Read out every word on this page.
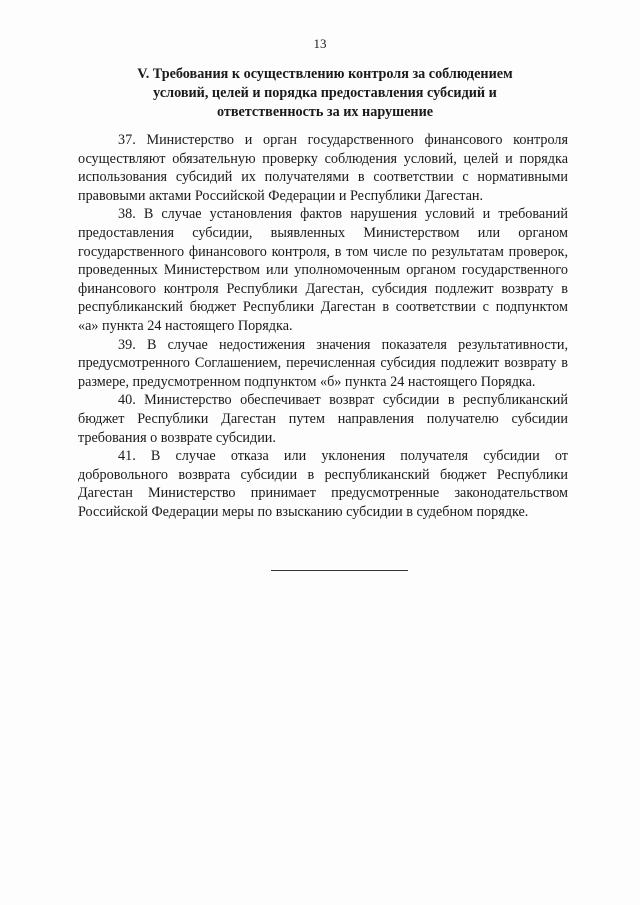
13
V. Требования к осуществлению контроля за соблюдением
условий, целей и порядка предоставления субсидий и
ответственность за их нарушение

37. Министерство и орган государственного финансового контроля осуществляют обязательную проверку соблюдения условий, целей и порядка использования субсидий их получателями в соответствии с нормативными правовыми актами Российской Федерации и Республики Дагестан.

38. В случае установления фактов нарушения условий и требований предоставления субсидии, выявленных Министерством или органом государственного финансового контроля, в том числе по результатам проверок, проведенных Министерством или уполномоченным органом государственного финансового контроля Республики Дагестан, субсидия подлежит возврату в республиканский бюджет Республики Дагестан в соответствии с подпунктом «а» пункта 24 настоящего Порядка.

39. В случае недостижения значения показателя результативности, предусмотренного Соглашением, перечисленная субсидия подлежит возврату в размере, предусмотренном подпунктом «б» пункта 24 настоящего Порядка.

40. Министерство обеспечивает возврат субсидии в республиканский бюджет Республики Дагестан путем направления получателю субсидии требования о возврате субсидии.

41. В случае отказа или уклонения получателя субсидии от добровольного возврата субсидии в республиканский бюджет Республики Дагестан Министерство принимает предусмотренные законодательством Российской Федерации меры по взысканию субсидии в судебном порядке.
